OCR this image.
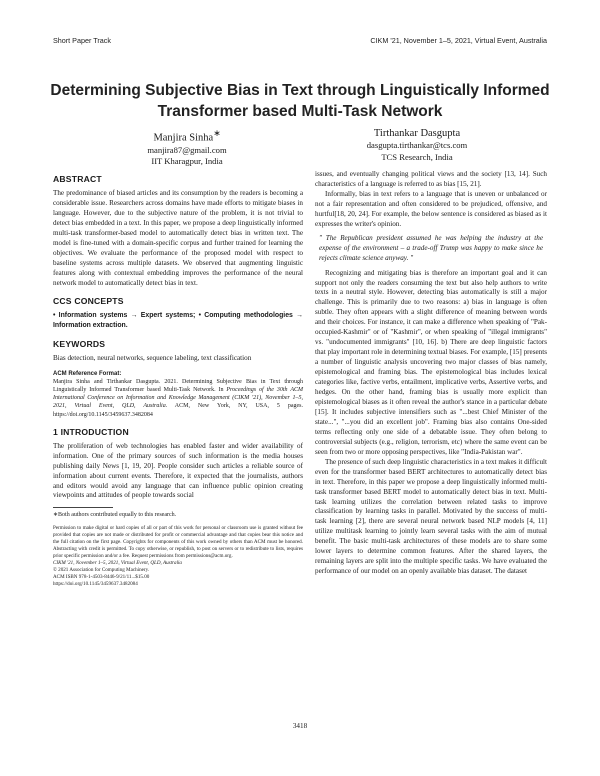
Short Paper Track	CIKM '21, November 1–5, 2021, Virtual Event, Australia
Determining Subjective Bias in Text through Linguistically Informed Transformer based Multi-Task Network
Manjira Sinha∗
manjira87@gmail.com
IIT Kharagpur, India
Tirthankar Dasgupta
dasgupta.tirthankar@tcs.com
TCS Research, India
ABSTRACT

The predominance of biased articles and its consumption by the readers is becoming a considerable issue. Researchers across domains have made efforts to mitigate biases in language. However, due to the subjective nature of the problem, it is not trivial to detect bias embedded in a text. In this paper, we propose a deep linguistically informed multi-task transformer-based model to automatically detect bias in written text. The model is fine-tuned with a domain-specific corpus and further trained for learning the objectives. We evaluate the performance of the proposed model with respect to baseline systems across multiple datasets. We observed that augmenting linguistic features along with contextual embedding improves the performance of the neural network model to automatically detect bias in text.

CCS CONCEPTS

• Information systems → Expert systems; • Computing methodologies → Information extraction.

KEYWORDS

Bias detection, neural networks, sequence labeling, text classification

ACM Reference Format:
Manjira Sinha and Tirthankar Dasgupta. 2021. Determining Subjective Bias in Text through Linguistically Informed Transformer based Multi-Task Network. In Proceedings of the 30th ACM International Conference on Information and Knowledge Management (CIKM '21), November 1–5, 2021, Virtual Event, QLD, Australia. ACM, New York, NY, USA, 5 pages. https://doi.org/10.1145/3459637.3482084

1 INTRODUCTION

The proliferation of web technologies has enabled faster and wider availability of information. One of the primary sources of such information is the media houses publishing daily News [1, 19, 20]. People consider such articles a reliable source of information about current events. Therefore, it expected that the journalists, authors and editors would avoid any language that can influence public opinion creating viewpoints and attitudes of people towards social

∗Both authors contributed equally to this research.

Permission to make digital or hard copies of all or part of this work for personal or classroom use is granted without fee provided that copies are not made or distributed for profit or commercial advantage and that copies bear this notice and the full citation on the first page. Copyrights for components of this work owned by others than ACM must be honored. Abstracting with credit is permitted. To copy otherwise, or republish, to post on servers or to redistribute to lists, requires prior specific permission and/or a fee. Request permissions from permissions@acm.org.

CIKM '21, November 1–5, 2021, Virtual Event, QLD, Australia
© 2021 Association for Computing Machinery.
ACM ISBN 978-1-4503-8446-9/21/11...$15.00
https://doi.org/10.1145/3459637.3482084

issues, and eventually changing political views and the society [13, 14]. Such characteristics of a language is referred to as bias [15, 21].

Informally, bias in text refers to a language that is uneven or unbalanced or not a fair representation and often considered to be prejudiced, offensive, and hurtful[18, 20, 24]. For example, the below sentence is considered as biased as it expresses the writer's opinion.

" The Republican president assumed he was helping the industry at the expense of the environment – a trade-off Trump was happy to make since he rejects climate science anyway. "

Recognizing and mitigating bias is therefore an important goal and it can support not only the readers consuming the text but also help authors to write texts in a neutral style. However, detecting bias automatically is still a major challenge. This is primarily due to two reasons: a) bias in language is often subtle. They often appears with a slight difference of meaning between words and their choices. For instance, it can make a difference when speaking of "Pak-occupied-Kashmir" or of "Kashmir", or when speaking of "illegal immigrants" vs. "undocumented immigrants" [10, 16]. b) There are deep linguistic factors that play important role in determining textual biases. For example, [15] presents a number of linguistic analysis uncovering two major classes of bias namely, epistemological and framing bias. The epistemological bias includes lexical categories like, factive verbs, entailment, implicative verbs, Assertive verbs, and hedges. On the other hand, framing bias is usually more explicit than epistemological biases as it often reveal the author's stance in a particular debate [15]. It includes subjective intensifiers such as "...best Chief Minister of the state...", "...you did an excellent job". Framing bias also contains One-sided terms reflecting only one side of a debatable issue. They often belong to controversial subjects (e.g., religion, terrorism, etc) where the same event can be seen from two or more opposing perspectives, like "India-Pakistan war".

The presence of such deep linguistic characteristics in a text makes it difficult even for the transformer based BERT architectures to automatically detect bias in text. Therefore, in this paper we propose a deep linguistically informed multi-task transformer based BERT model to automatically detect bias in text. Multi-task learning utilizes the correlation between related tasks to improve classification by learning tasks in parallel. Motivated by the success of multi-task learning [2], there are several neural network based NLP models [4, 11] utilize multitask learning to jointly learn several tasks with the aim of mutual benefit. The basic multi-task architectures of these models are to share some lower layers to determine common features. After the shared layers, the remaining layers are split into the multiple specific tasks. We have evaluated the performance of our model on an openly available bias dataset. The dataset

3418
